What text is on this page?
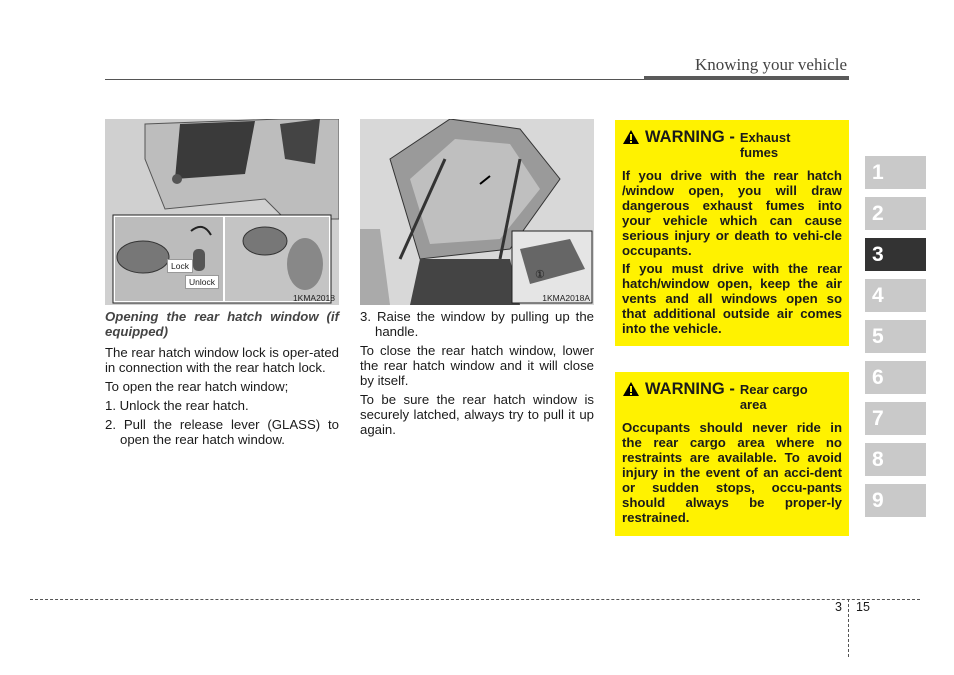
Knowing your vehicle
Lock
Unlock
1KMA2018
①
1KMA2018A

Opening the rear hatch window (if equipped)

The rear hatch window lock is oper-ated in connection with the rear hatch lock.

To open the rear hatch window;

1. Unlock the rear hatch.

2. Pull the release lever (GLASS) to open the rear hatch window.

3. Raise the window by pulling up the handle.

To close the rear hatch window, lower the rear hatch window and it will close by itself.

To be sure the rear hatch window is securely latched, always try to pull it up again.

WARNING - Exhaust fumes

If you drive with the rear hatch /window open, you will draw dangerous exhaust fumes into your vehicle which can cause serious injury or death to vehi-cle occupants.

If you must drive with the rear hatch/window open, keep the air vents and all windows open so that additional outside air comes into the vehicle.

WARNING - Rear cargo area

Occupants should never ride in the rear cargo area where no restraints are available. To avoid injury in the event of an acci-dent or sudden stops, occu-pants should always be proper-ly restrained.

1
2
3
4
5
6
7
8
9
3 15
